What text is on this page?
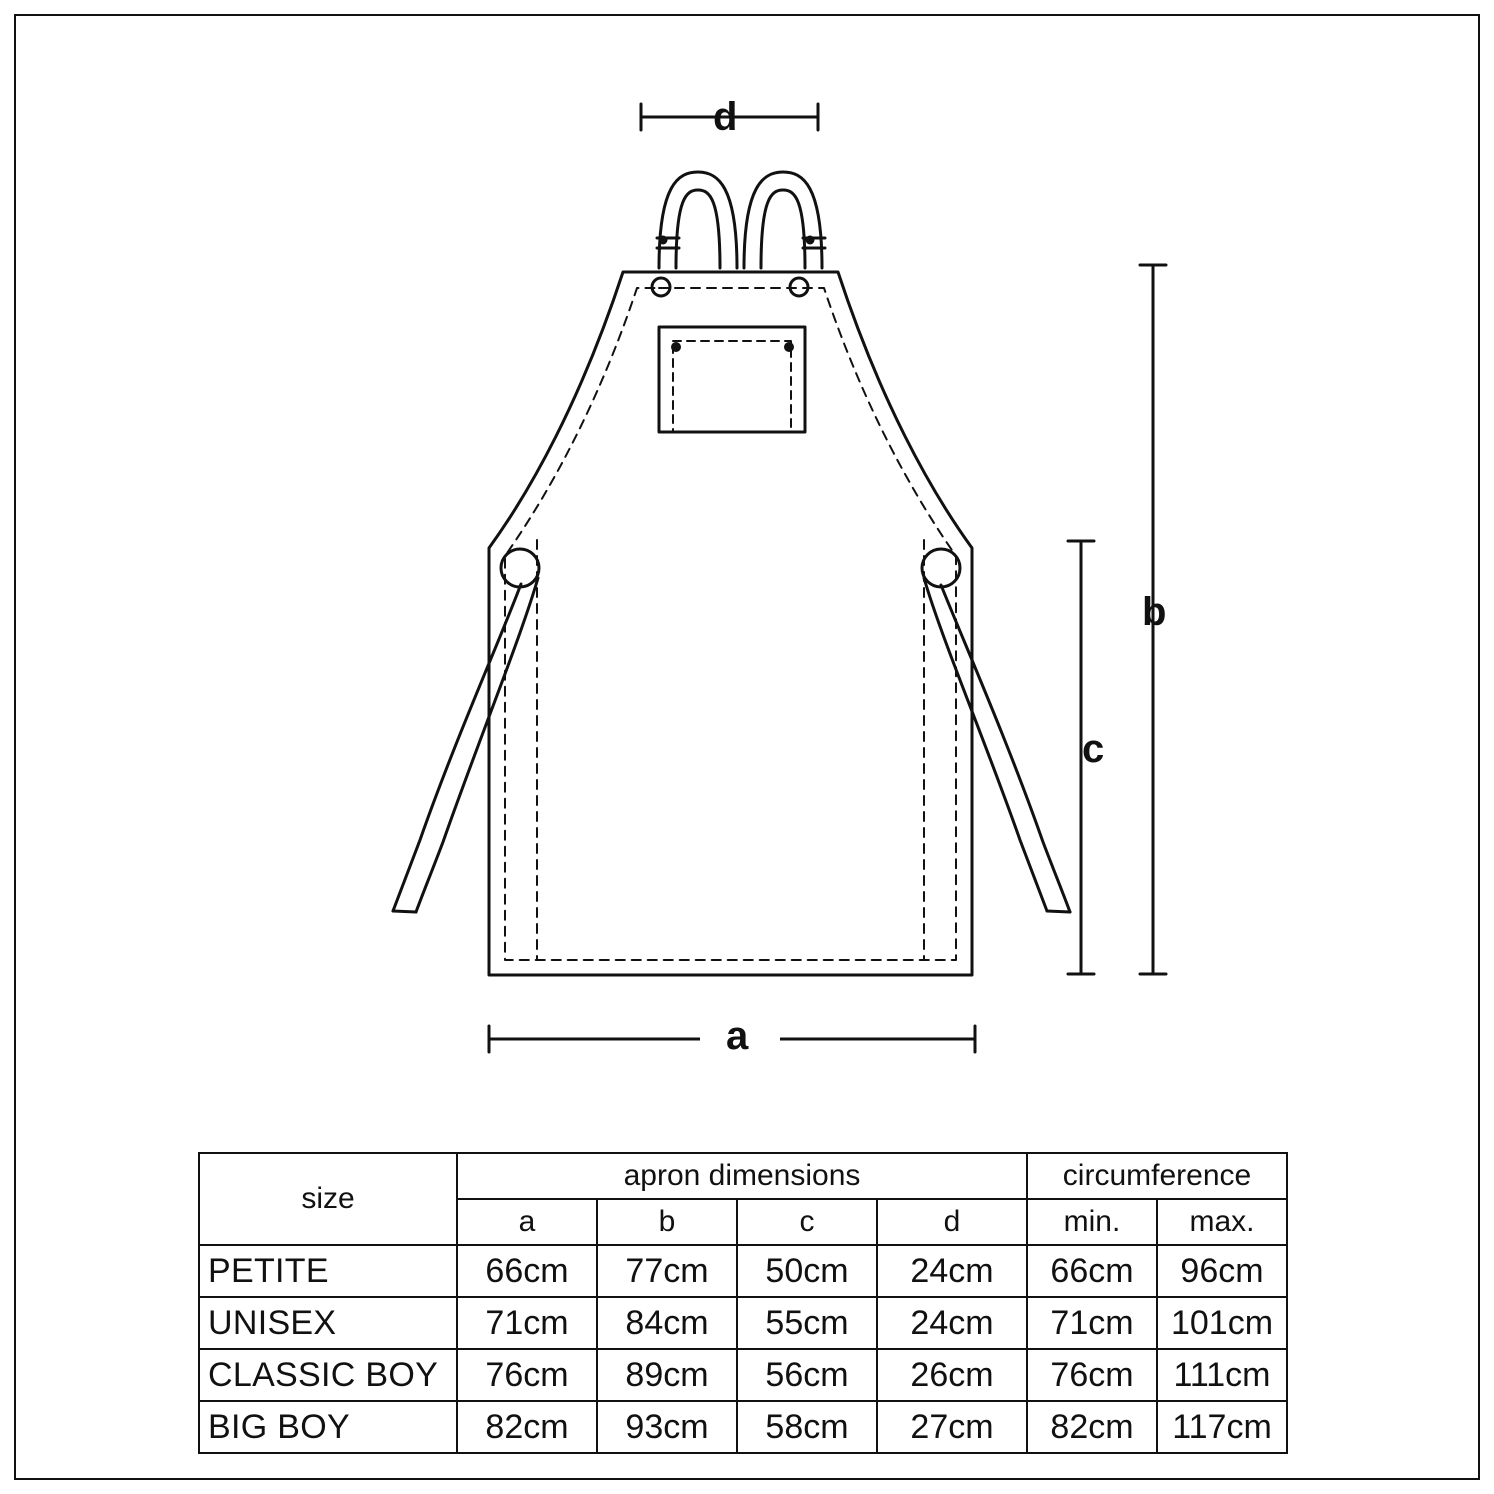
d
a
b
c
size	apron dimensions				circumference	
	a	b	c	d	min.	max.
PETITE	66cm	77cm	50cm	24cm	66cm	96cm
UNISEX	71cm	84cm	55cm	24cm	71cm	101cm
CLASSIC BOY	76cm	89cm	56cm	26cm	76cm	111cm
BIG BOY	82cm	93cm	58cm	27cm	82cm	117cm
